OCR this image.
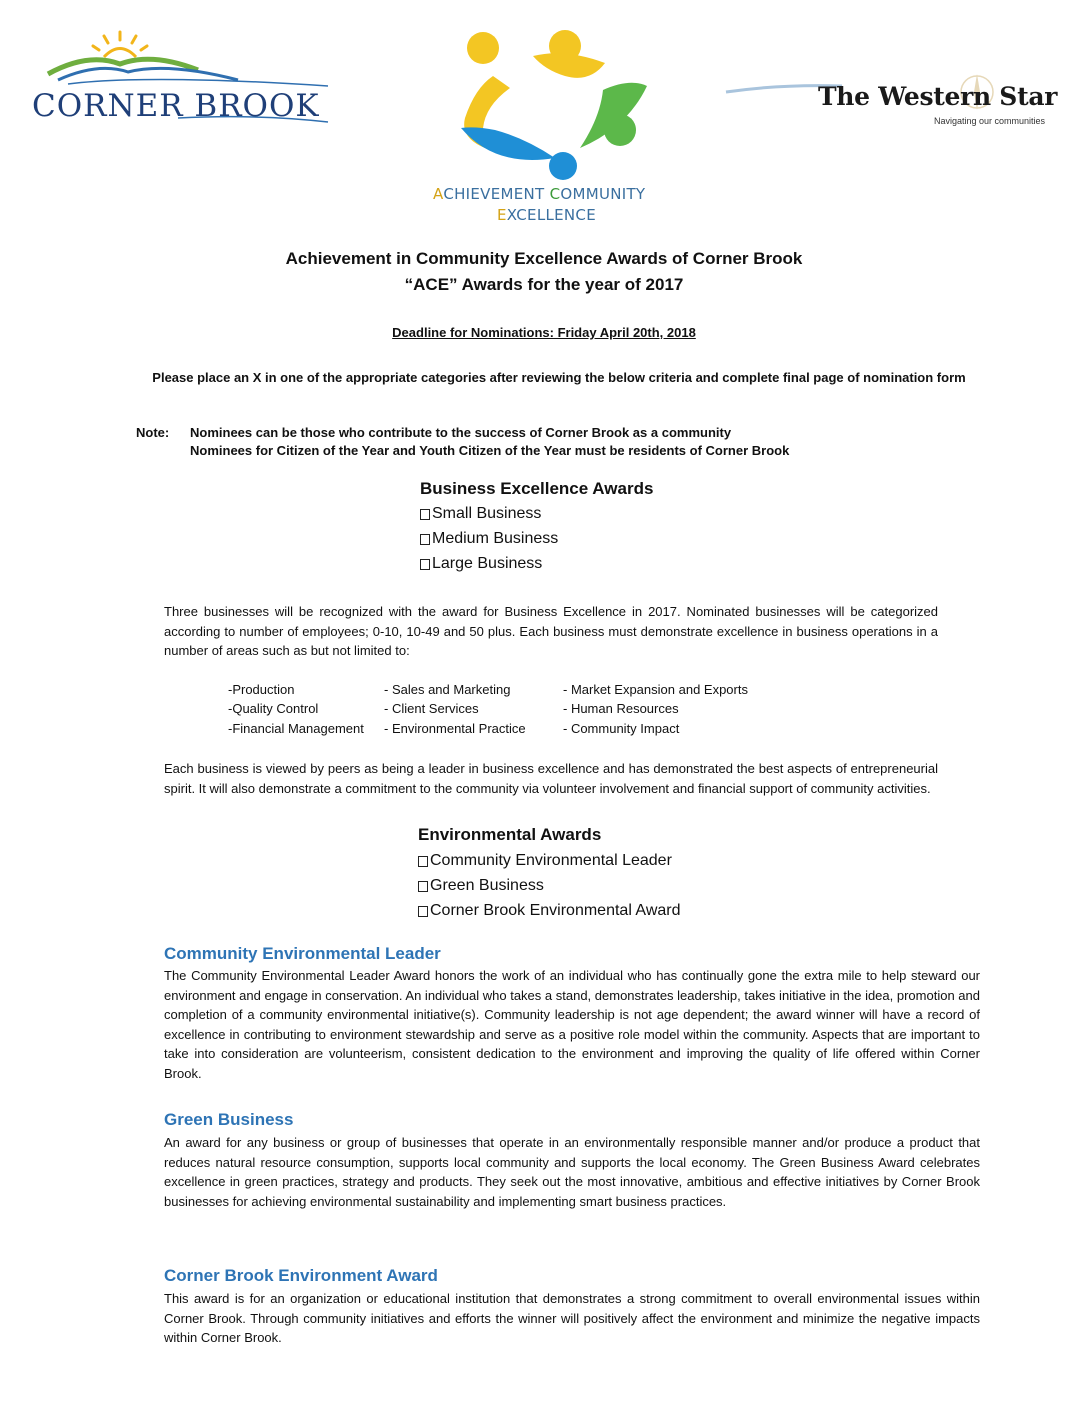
CORNER BROOK
ACHIEVEMENT COMMUNITY
EXCELLENCE
The Western Star
Navigating our communities
Achievement in Community Excellence Awards of Corner Brook
“ACE” Awards for the year of 2017
Deadline for Nominations: Friday April 20th, 2018
Please place an X in one of the appropriate categories after reviewing the below criteria and complete final page of nomination form
Note: Nominees can be those who contribute to the success of Corner Brook as a community
Nominees for Citizen of the Year and Youth Citizen of the Year must be residents of Corner Brook
Business Excellence Awards
Small Business
Medium Business
Large Business
Three businesses will be recognized with the award for Business Excellence in 2017. Nominated businesses will be categorized according to number of employees; 0-10, 10-49 and 50 plus. Each business must demonstrate excellence in business operations in a number of areas such as but not limited to:
-Production	- Sales and Marketing	- Market Expansion and Exports
-Quality Control	- Client Services	- Human Resources
-Financial Management - Environmental Practice	- Community Impact
Each business is viewed by peers as being a leader in business excellence and has demonstrated the best aspects of entrepreneurial spirit. It will also demonstrate a commitment to the community via volunteer involvement and financial support of community activities.
Environmental Awards
Community Environmental Leader
Green Business
Corner Brook Environmental Award
Community Environmental Leader
The Community Environmental Leader Award honors the work of an individual who has continually gone the extra mile to help steward our environment and engage in conservation. An individual who takes a stand, demonstrates leadership, takes initiative in the idea, promotion and completion of a community environmental initiative(s). Community leadership is not age dependent; the award winner will have a record of excellence in contributing to environment stewardship and serve as a positive role model within the community. Aspects that are important to take into consideration are volunteerism, consistent dedication to the environment and improving the quality of life offered within Corner Brook.
Green Business
An award for any business or group of businesses that operate in an environmentally responsible manner and/or produce a product that reduces natural resource consumption, supports local community and supports the local economy. The Green Business Award celebrates excellence in green practices, strategy and products. They seek out the most innovative, ambitious and effective initiatives by Corner Brook businesses for achieving environmental sustainability and implementing smart business practices.
Corner Brook Environment Award
This award is for an organization or educational institution that demonstrates a strong commitment to overall environmental issues within Corner Brook. Through community initiatives and efforts the winner will positively affect the environment and minimize the negative impacts within Corner Brook.
